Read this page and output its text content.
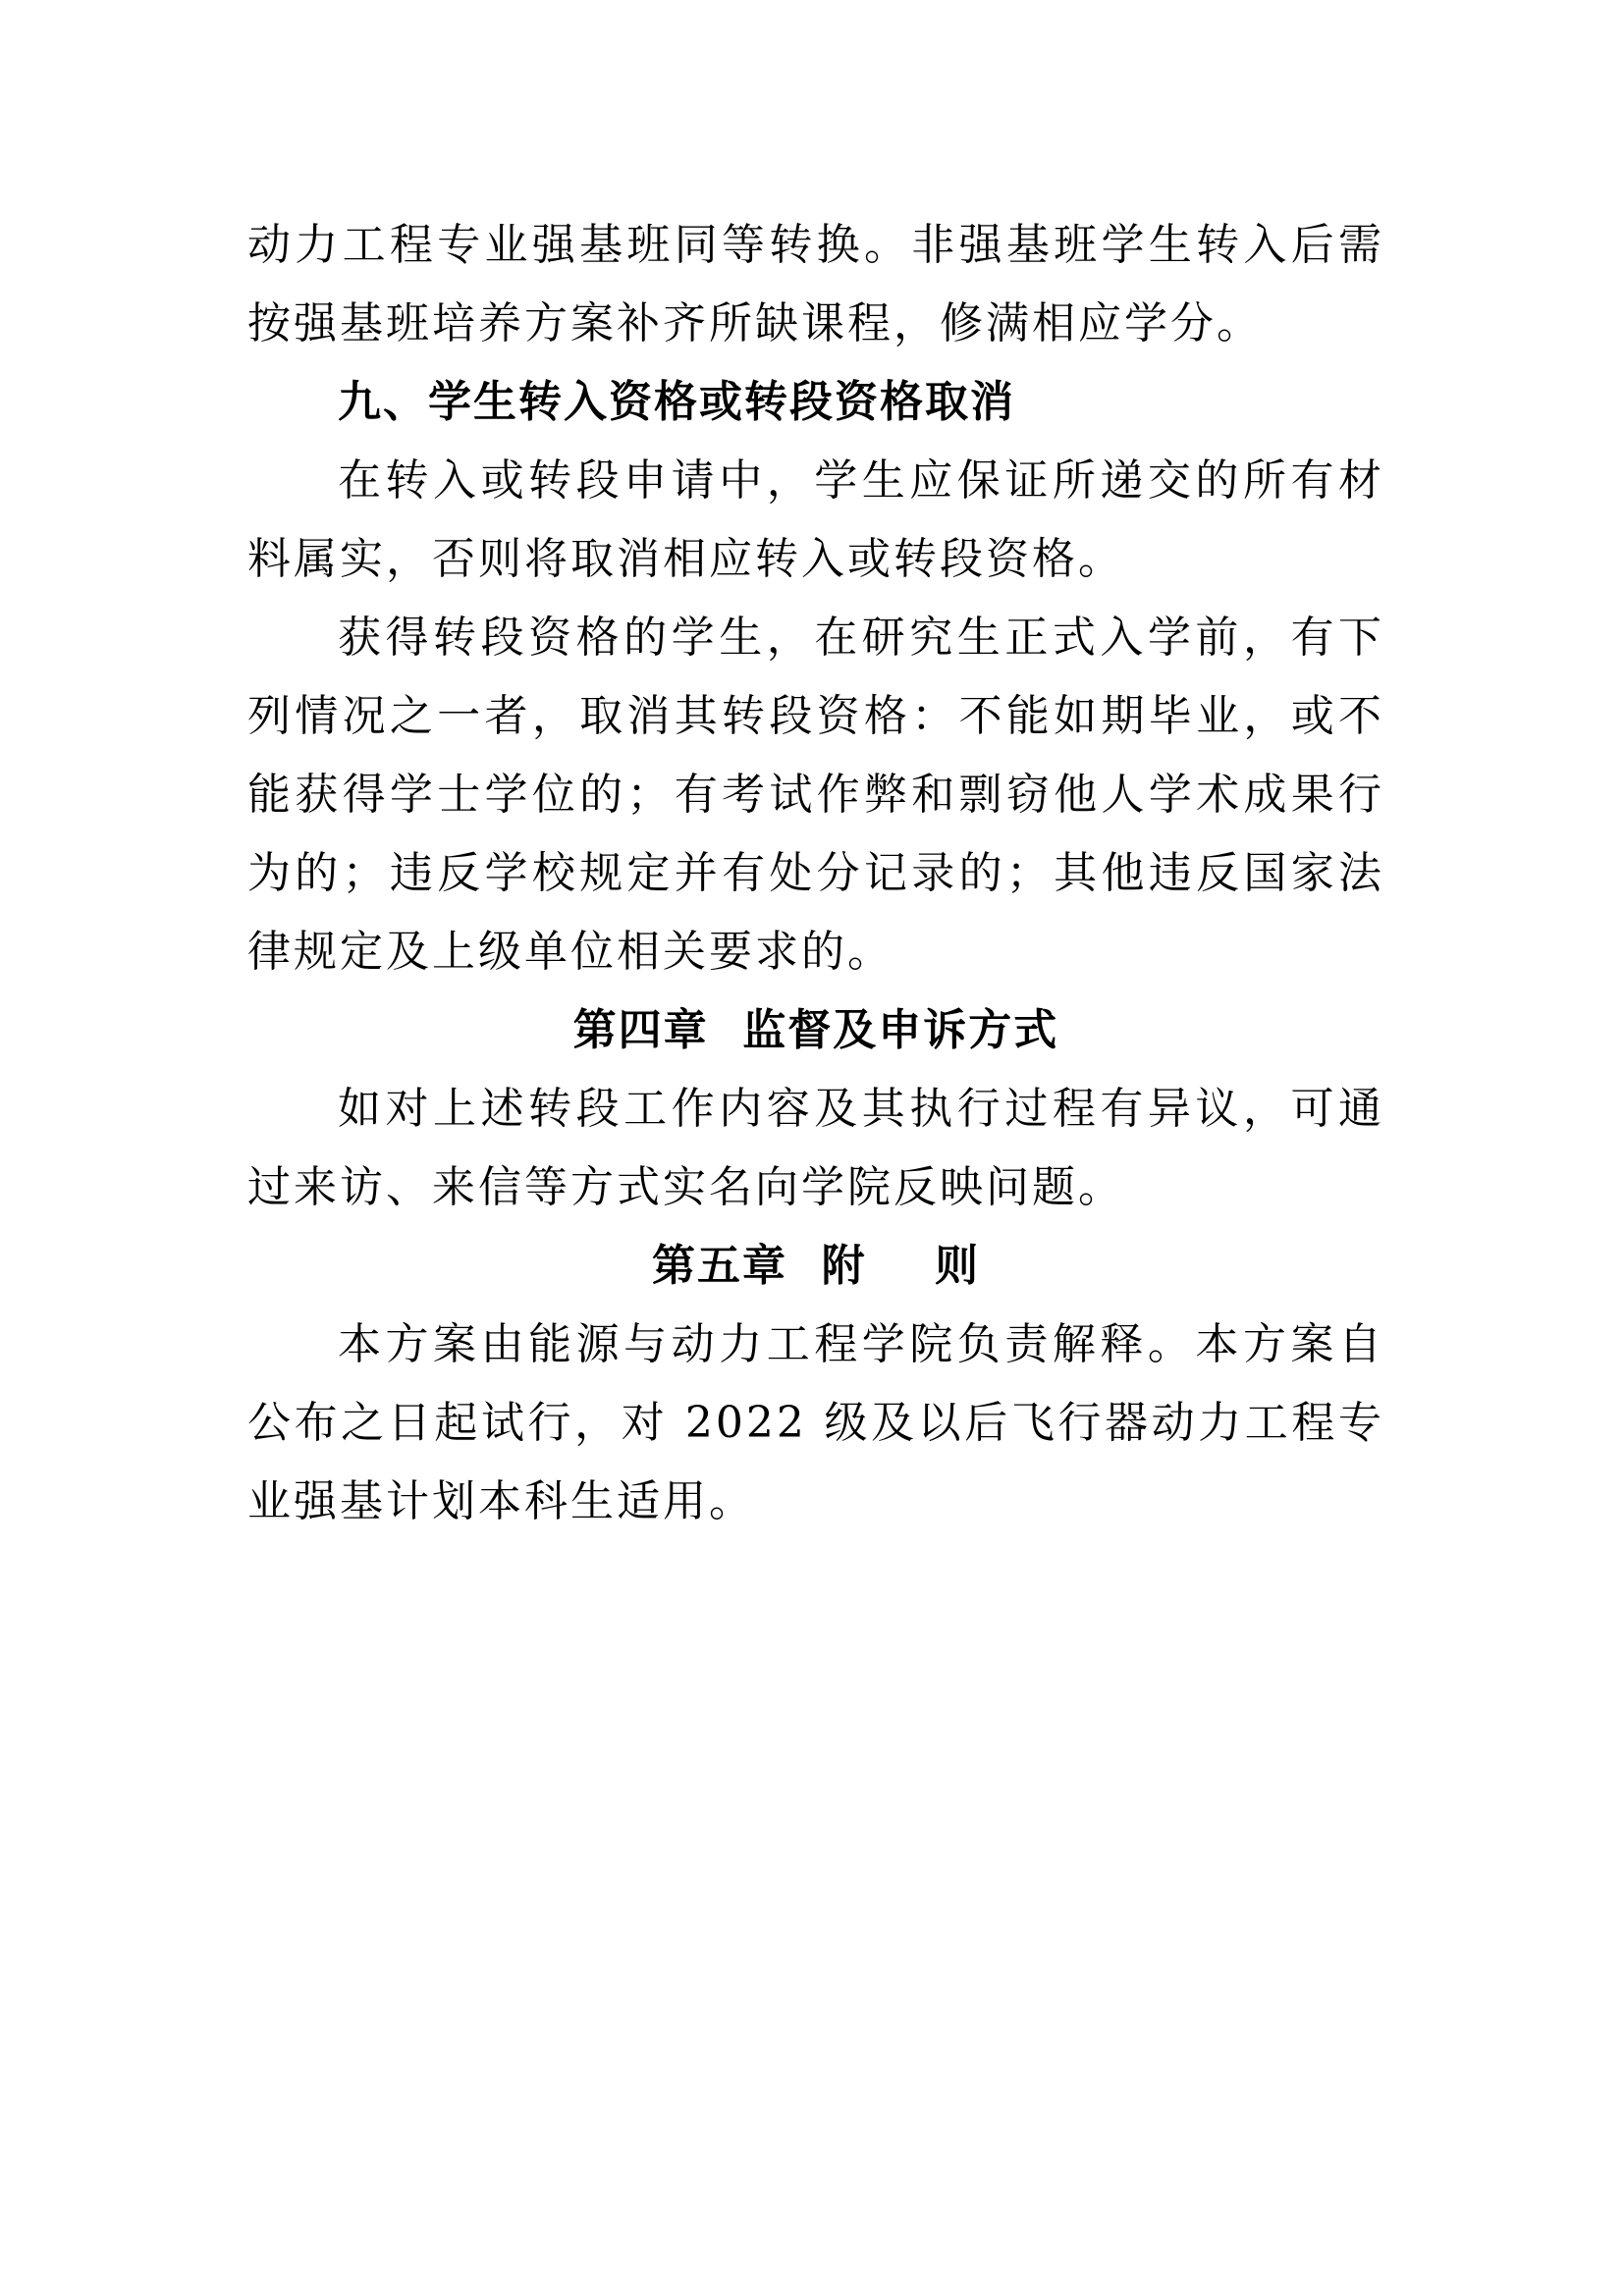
动力工程专业强基班同等转换。非强基班学生转入后需按强基班培养方案补齐所缺课程，修满相应学分。

九、学生转入资格或转段资格取消

在转入或转段申请中，学生应保证所递交的所有材料属实，否则将取消相应转入或转段资格。

获得转段资格的学生，在研究生正式入学前，有下列情况之一者，取消其转段资格：不能如期毕业，或不能获得学士学位的；有考试作弊和剽窃他人学术成果行为的；违反学校规定并有处分记录的；其他违反国家法律规定及上级单位相关要求的。

第四章  监督及申诉方式

如对上述转段工作内容及其执行过程有异议，可通过来访、来信等方式实名向学院反映问题。

第五章  附    则

本方案由能源与动力工程学院负责解释。本方案自公布之日起试行，对 2022 级及以后飞行器动力工程专业强基计划本科生适用。
